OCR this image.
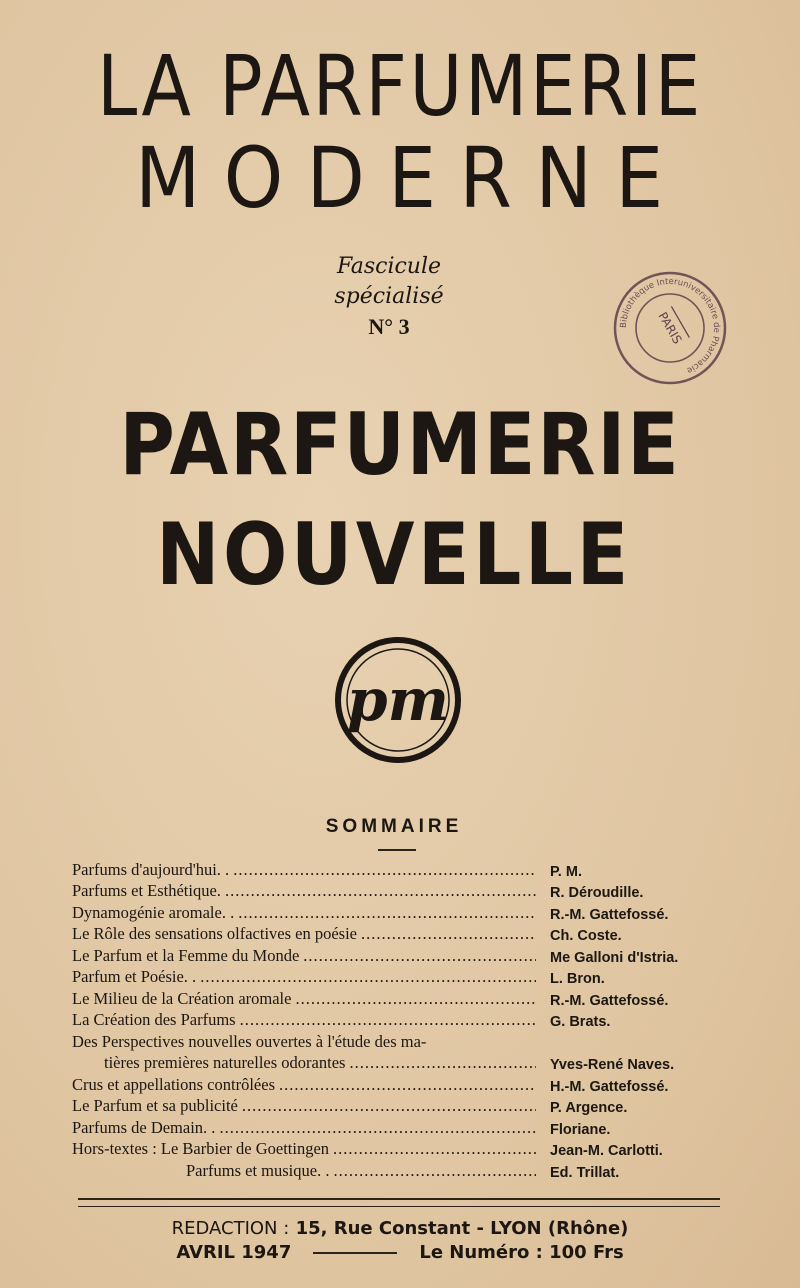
LA PARFUMERIE
MODERNE
Fascicule
spécialisé
N° 3	Bibliothèque Interuniversitaire de Pharmacie
PARIS
PARFUMERIE
NOUVELLE
pm
SOMMAIRE
Parfums d'aujourd'hui. . .....	P. M.
Parfums et Esthétique. .....	R. Déroudille.
Dynamogénie aromale. . .....	R.-M. Gattefossé.
Le Rôle des sensations olfactives en poésie .....	Ch. Coste.
Le Parfum et la Femme du Monde .....	Me Galloni d'Istria.
Parfum et Poésie. . .....	L. Bron.
Le Milieu de la Création aromale .....	R.-M. Gattefossé.
La Création des Parfums .....	G. Brats.
Des Perspectives nouvelles ouvertes à l'étude des ma-
tières premières naturelles odorantes .....	Yves-René Naves.
Crus et appellations contrôlées .....	H.-M. Gattefossé.
Le Parfum et sa publicité .....	P. Argence.
Parfums de Demain. . .....	Floriane.
Hors-textes : Le Barbier de Goettingen .....	Jean-M. Carlotti.
Parfums et musique. . .....	Ed. Trillat.
REDACTION : 15, Rue Constant - LYON (Rhône)
AVRIL 1947	Le Numéro : 100 Frs
